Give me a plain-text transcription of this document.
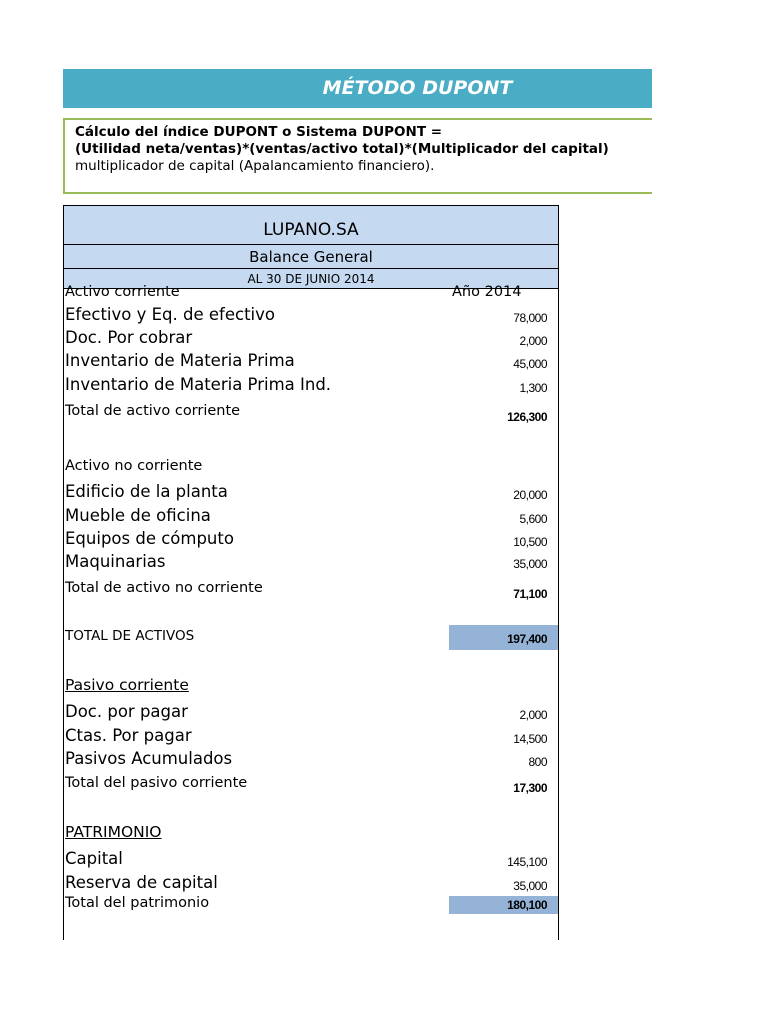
MÉTODO DUPONT
Cálculo del índice DUPONT o Sistema DUPONT =
(Utilidad neta/ventas)*(ventas/activo total)*(Multiplicador del capital)
multiplicador de capital (Apalancamiento financiero).
LUPANO.SA
Balance General
AL 30 DE JUNIO 2014
Activo corriente	Año 2014
Efectivo y Eq. de efectivo	78,000
Doc. Por cobrar	2,000
Inventario de Materia Prima	45,000
Inventario de Materia Prima Ind.	1,300
Total de activo corriente	126,300
Activo no corriente
Edificio de la planta	20,000
Mueble de oficina	5,600
Equipos de cómputo	10,500
Maquinarias	35,000
Total de activo no corriente	71,100
TOTAL DE ACTIVOS	197,400
Pasivo corriente
Doc. por pagar	2,000
Ctas. Por pagar	14,500
Pasivos Acumulados	800
Total del pasivo corriente	17,300
PATRIMONIO
Capital	145,100
Reserva de capital	35,000
Total del patrimonio	180,100
